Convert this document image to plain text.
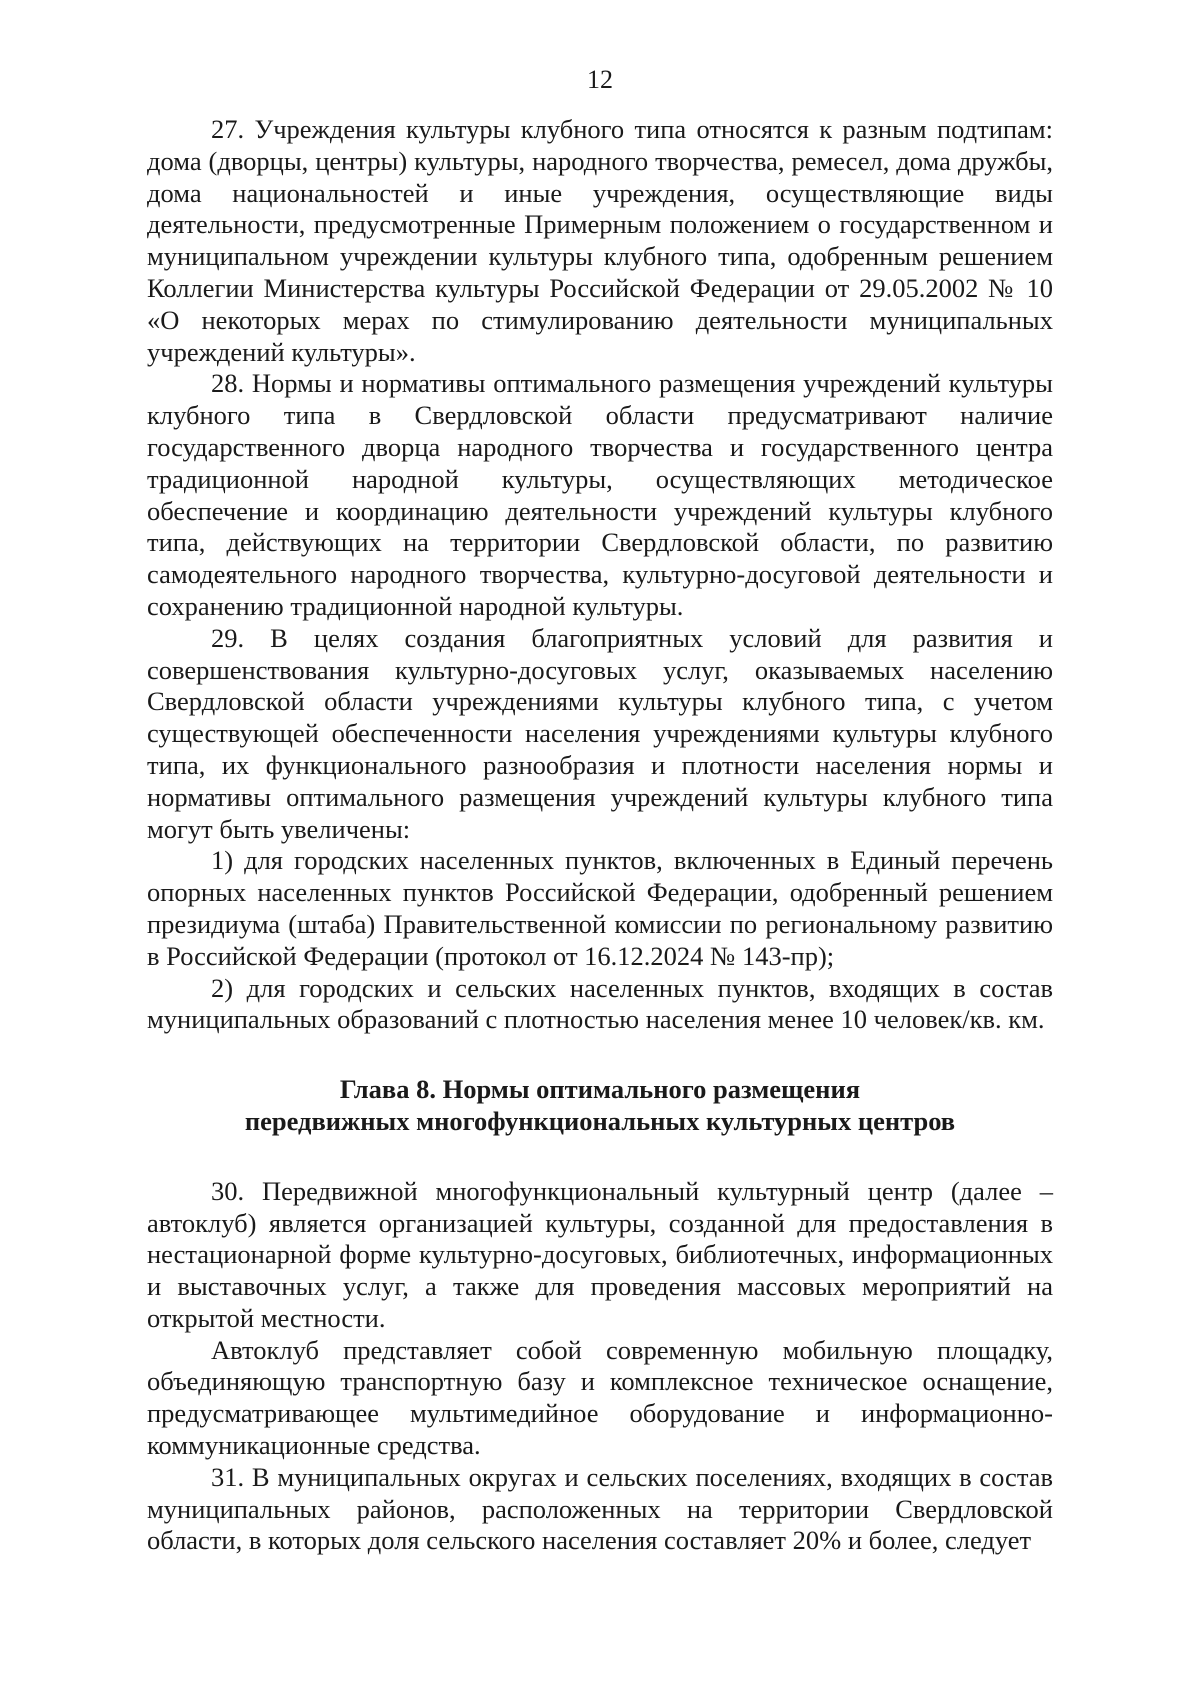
12

27. Учреждения культуры клубного типа относятся к разным подтипам: дома (дворцы, центры) культуры, народного творчества, ремесел, дома дружбы, дома национальностей и иные учреждения, осуществляющие виды деятельности, предусмотренные Примерным положением о государственном и муниципальном учреждении культуры клубного типа, одобренным решением Коллегии Министерства культуры Российской Федерации от 29.05.2002 № 10 «О некоторых мерах по стимулированию деятельности муниципальных учреждений культуры».

28. Нормы и нормативы оптимального размещения учреждений культуры клубного типа в Свердловской области предусматривают наличие государственного дворца народного творчества и государственного центра традиционной народной культуры, осуществляющих методическое обеспечение и координацию деятельности учреждений культуры клубного типа, действующих на территории Свердловской области, по развитию самодеятельного народного творчества, культурно-досуговой деятельности и сохранению традиционной народной культуры.

29. В целях создания благоприятных условий для развития и совершенствования культурно-досуговых услуг, оказываемых населению Свердловской области учреждениями культуры клубного типа, с учетом существующей обеспеченности населения учреждениями культуры клубного типа, их функционального разнообразия и плотности населения нормы и нормативы оптимального размещения учреждений культуры клубного типа могут быть увеличены:

1) для городских населенных пунктов, включенных в Единый перечень опорных населенных пунктов Российской Федерации, одобренный решением президиума (штаба) Правительственной комиссии по региональному развитию в Российской Федерации (протокол от 16.12.2024 № 143-пр);

2) для городских и сельских населенных пунктов, входящих в состав муниципальных образований с плотностью населения менее 10 человек/кв. км.

Глава 8. Нормы оптимального размещения
передвижных многофункциональных культурных центров

30. Передвижной многофункциональный культурный центр (далее – автоклуб) является организацией культуры, созданной для предоставления в нестационарной форме культурно-досуговых, библиотечных, информационных и выставочных услуг, а также для проведения массовых мероприятий на открытой местности.

Автоклуб представляет собой современную мобильную площадку, объединяющую транспортную базу и комплексное техническое оснащение, предусматривающее мультимедийное оборудование и информационно-коммуникационные средства.

31. В муниципальных округах и сельских поселениях, входящих в состав муниципальных районов, расположенных на территории Свердловской области, в которых доля сельского населения составляет 20% и более, следует
